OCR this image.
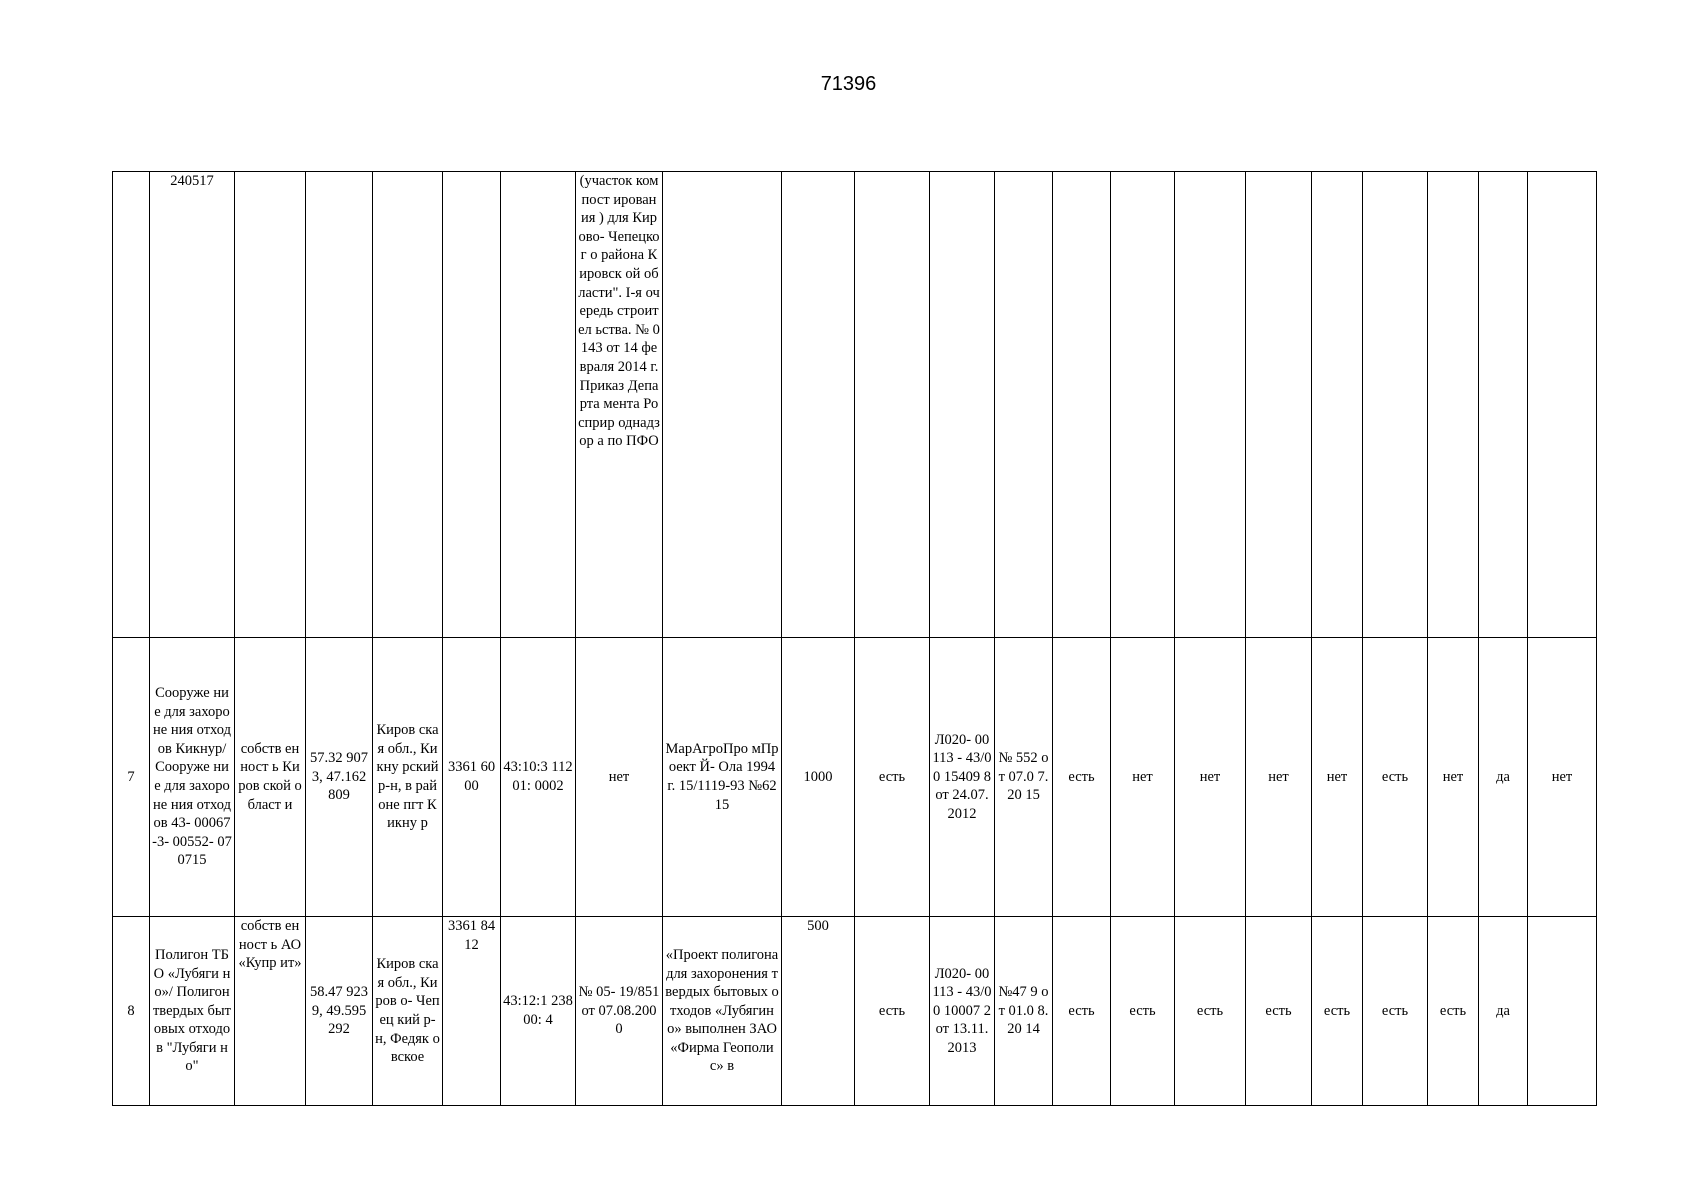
71396
	240517						(участок компост ирования ) для Кирово- Чепецког о района Кировск ой области". I-я очередь строител ьства. № 0143 от 14 февраля 2014 г. Приказ Департа мента Росприр однадзор а по ПФО														
7	Сооруже ние для захороне ния отходов Кикнур/ Сооруже ние для захороне ния отходов 43- 00067-3- 00552- 070715	собств енност ь Киров ской област и	57.32 9073, 47.162 809	Киров ская обл., Кикну рский р-н, в районе пгт Кикну р	3361 6000	43:10:3 11201: 0002	нет	МарАгроПро мПроект Й- Ола 1994г. 15/1119-93 №6215	1000	есть	Л020- 00113 - 43/00 15409 8 от 24.07. 2012	№ 552 от 07.0 7.20 15	есть	нет	нет	нет	нет	есть	нет	да	нет
8	Полигон ТБО «Лубяги но»/ Полигон твердых бытовых отходов "Лубяги но"	собств енност ь АО «Купр ит»	58.47 9239, 49.595 292	Киров ская обл., Киров о- Чепец кий р- н, Федяк овское	3361 8412	43:12:1 23800: 4	№ 05- 19/851 от 07.08.200 0	«Проект полигона для захоронения твердых бытовых отходов «Лубягино» выполнен ЗАО «Фирма Геополис» в	500	есть	Л020- 00113 - 43/00 10007 2 от 13.11. 2013	№47 9 от 01.0 8.20 14	есть	есть	есть	есть	есть	есть	есть	да	
